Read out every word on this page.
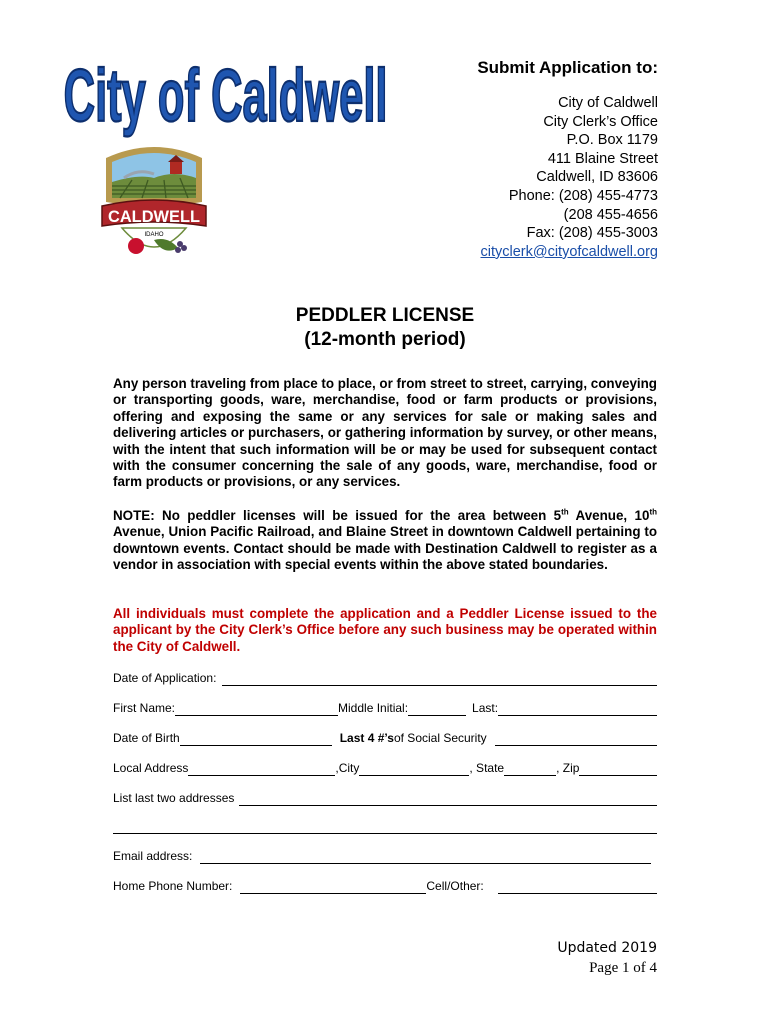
City of Caldwell
CALDWELL
IDAHO
Submit Application to:
City of Caldwell
City Clerk’s Office
P.O. Box 1179
411 Blaine Street
Caldwell, ID 83606
Phone: (208) 455-4773
(208 455-4656
Fax: (208) 455-3003
cityclerk@cityofcaldwell.org
PEDDLER LICENSE
(12-month period)
Any person traveling from place to place, or from street to street, carrying, conveying or transporting goods, ware, merchandise, food or farm products or provisions, offering and exposing the same or any services for sale or making sales and delivering articles or purchasers, or gathering information by survey, or other means, with the intent that such information will be or may be used for subsequent contact with the consumer concerning the sale of any goods, ware, merchandise, food or farm products or provisions, or any services.
NOTE: No peddler licenses will be issued for the area between 5th Avenue, 10th Avenue, Union Pacific Railroad, and Blaine Street in downtown Caldwell pertaining to downtown events. Contact should be made with Destination Caldwell to register as a vendor in association with special events within the above stated boundaries.
All individuals must complete the application and a Peddler License issued to the applicant by the City Clerk’s Office before any such business may be operated within the City of Caldwell.
Date of Application:
First Name:	Middle Initial:	Last:
Date of Birth	Last 4 #’s of Social Security
Local Address	,City	, State	, Zip
List last two addresses
Email address:
Home Phone Number:	Cell/Other:
Updated 2019
Page 1 of 4
